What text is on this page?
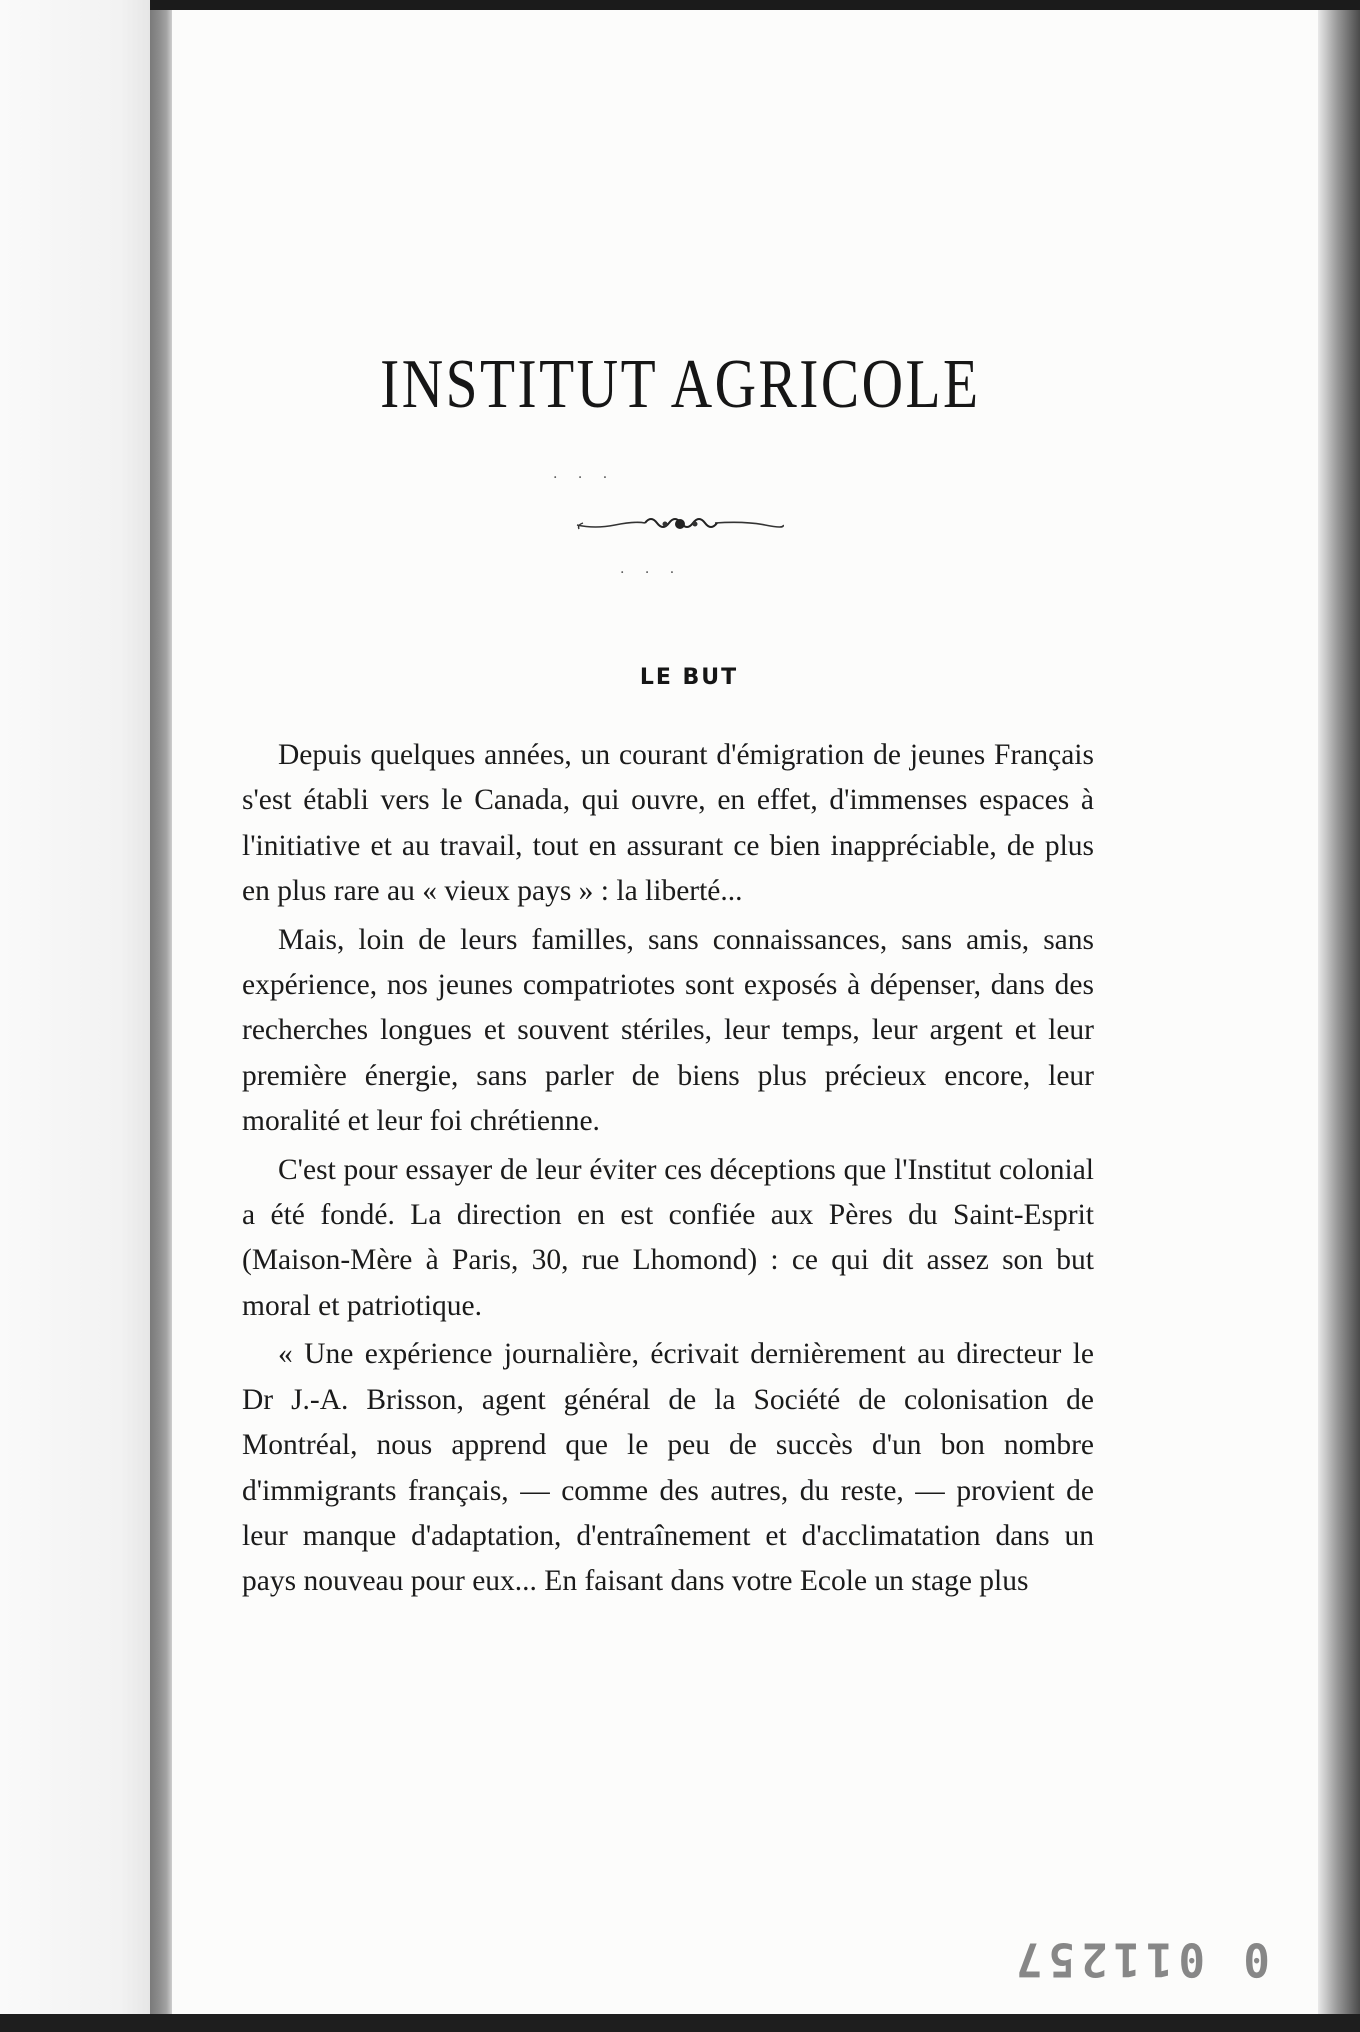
INSTITUT AGRICOLE
· · ·
· · ·
LE BUT

Depuis quelques années, un courant d'émigration de jeunes Français s'est établi vers le Canada, qui ouvre, en effet, d'immenses espaces à l'initiative et au travail, tout en assurant ce bien inappréciable, de plus en plus rare au « vieux pays » : la liberté...

Mais, loin de leurs familles, sans connaissances, sans amis, sans expérience, nos jeunes compatriotes sont exposés à dépenser, dans des recherches longues et souvent stériles, leur temps, leur argent et leur première énergie, sans parler de biens plus précieux encore, leur moralité et leur foi chrétienne.

C'est pour essayer de leur éviter ces déceptions que l'Institut colonial a été fondé. La direction en est confiée aux Pères du Saint-Esprit (Maison-Mère à Paris, 30, rue Lhomond) : ce qui dit assez son but moral et patriotique.

« Une expérience journalière, écrivait dernièrement au directeur le Dr J.-A. Brisson, agent général de la Société de colonisation de Montréal, nous apprend que le peu de succès d'un bon nombre d'immigrants français, — comme des autres, du reste, — provient de leur manque d'adaptation, d'entraînement et d'acclimatation dans un pays nouveau pour eux... En faisant dans votre Ecole un stage plus

0 011257
